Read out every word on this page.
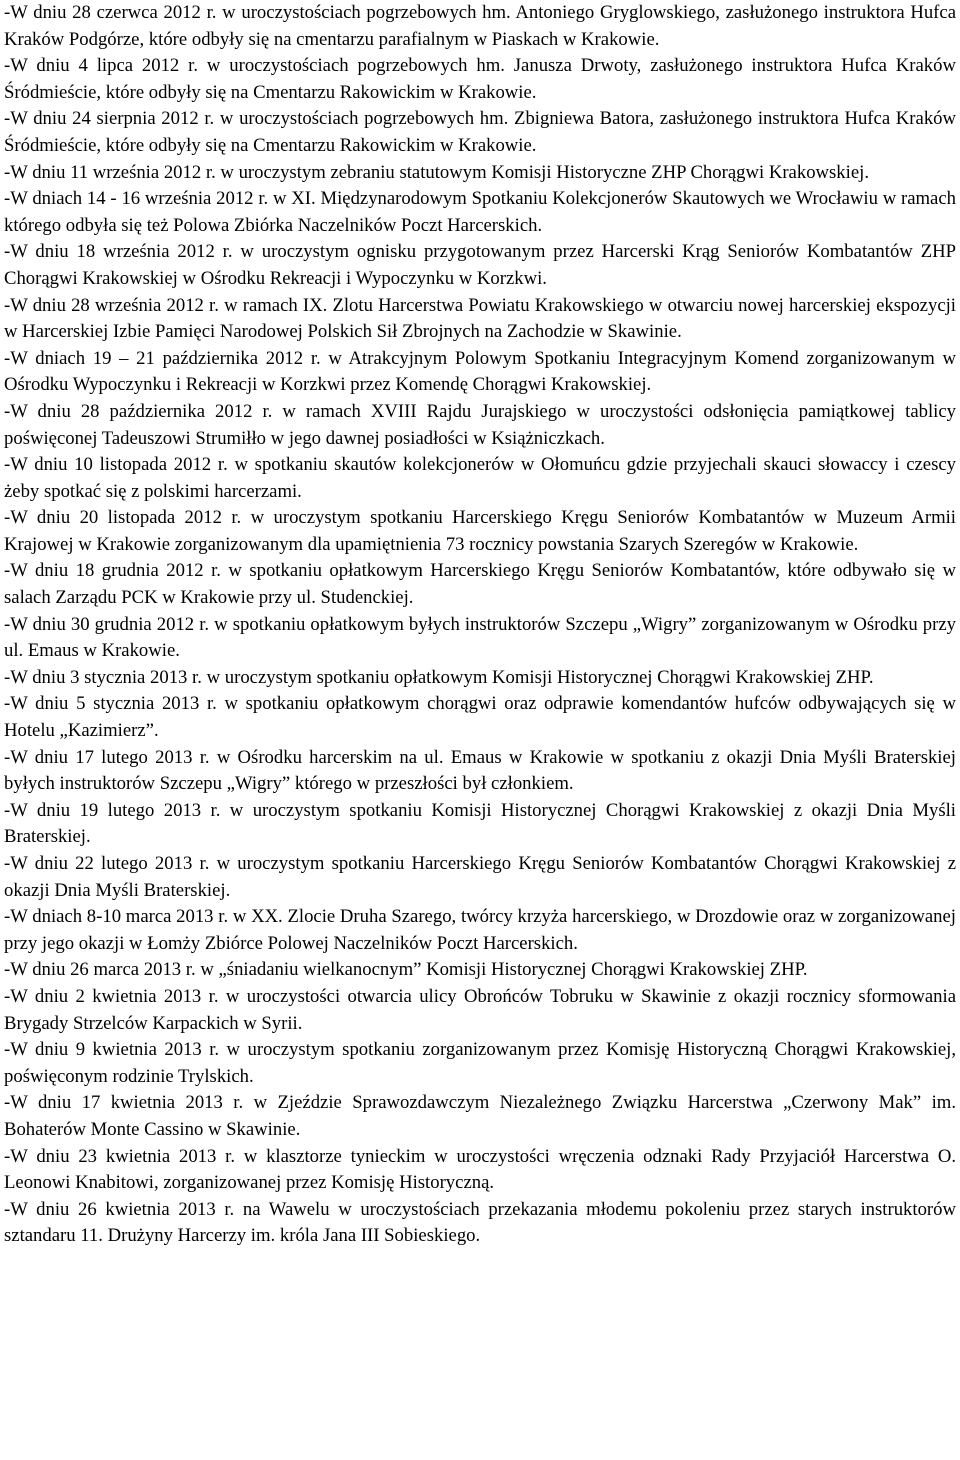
-W dniu 28 czerwca 2012 r. w uroczystościach pogrzebowych hm. Antoniego Gryglowskiego, zasłużonego instruktora Hufca Kraków Podgórze, które odbyły się na cmentarzu parafialnym w Piaskach w Krakowie.

-W dniu 4 lipca 2012 r. w uroczystościach pogrzebowych hm. Janusza Drwoty, zasłużonego instruktora Hufca Kraków Śródmieście, które odbyły się na Cmentarzu Rakowickim w Krakowie.

-W dniu 24 sierpnia 2012 r. w uroczystościach pogrzebowych hm. Zbigniewa Batora, zasłużonego instruktora Hufca Kraków Śródmieście, które odbyły się na Cmentarzu Rakowickim w Krakowie.

-W dniu 11 września 2012 r. w uroczystym zebraniu statutowym Komisji Historyczne ZHP Chorągwi Krakowskiej.

-W dniach 14 - 16 września 2012 r. w XI. Międzynarodowym Spotkaniu Kolekcjonerów Skautowych we Wrocławiu w ramach którego odbyła się też Polowa Zbiórka Naczelników Poczt Harcerskich.

-W dniu 18 września 2012 r. w uroczystym ognisku przygotowanym przez Harcerski Krąg Seniorów Kombatantów ZHP Chorągwi Krakowskiej w Ośrodku Rekreacji i Wypoczynku w Korzkwi.

-W dniu 28 września 2012 r. w ramach IX. Zlotu Harcerstwa Powiatu Krakowskiego w otwarciu nowej harcerskiej ekspozycji w Harcerskiej Izbie Pamięci Narodowej Polskich Sił Zbrojnych na Zachodzie w Skawinie.

-W dniach 19 – 21 października 2012 r. w Atrakcyjnym Polowym Spotkaniu Integracyjnym Komend zorganizowanym w Ośrodku Wypoczynku i Rekreacji w Korzkwi przez Komendę Chorągwi Krakowskiej.

-W dniu 28 października 2012 r. w ramach XVIII Rajdu Jurajskiego w uroczystości odsłonięcia pamiątkowej tablicy poświęconej Tadeuszowi Strumiłło w jego dawnej posiadłości w Książniczkach.

-W dniu 10 listopada 2012 r. w spotkaniu skautów kolekcjonerów w Ołomuńcu gdzie przyjechali skauci słowaccy i czescy żeby spotkać się z polskimi harcerzami.

-W dniu 20 listopada 2012 r. w uroczystym spotkaniu Harcerskiego Kręgu Seniorów Kombatantów w Muzeum Armii Krajowej w Krakowie zorganizowanym dla upamiętnienia 73 rocznicy powstania Szarych Szeregów w Krakowie.

-W dniu 18 grudnia 2012 r. w spotkaniu opłatkowym Harcerskiego Kręgu Seniorów Kombatantów, które odbywało się w salach Zarządu PCK w Krakowie przy ul. Studenckiej.

-W dniu 30 grudnia 2012 r. w spotkaniu opłatkowym byłych instruktorów Szczepu „Wigry” zorganizowanym w Ośrodku przy ul. Emaus w Krakowie.

-W dniu 3 stycznia 2013 r. w uroczystym spotkaniu opłatkowym Komisji Historycznej Chorągwi Krakowskiej ZHP.

-W dniu 5 stycznia 2013 r. w spotkaniu opłatkowym chorągwi oraz odprawie komendantów hufców odbywających się w Hotelu „Kazimierz”.

-W dniu 17 lutego 2013 r. w Ośrodku harcerskim na ul. Emaus w Krakowie w spotkaniu z okazji Dnia Myśli Braterskiej byłych instruktorów Szczepu „Wigry” którego w przeszłości był członkiem.

-W dniu 19 lutego 2013 r. w uroczystym spotkaniu Komisji Historycznej Chorągwi Krakowskiej z okazji Dnia Myśli Braterskiej.

-W dniu 22 lutego 2013 r. w uroczystym spotkaniu Harcerskiego Kręgu Seniorów Kombatantów Chorągwi Krakowskiej z okazji Dnia Myśli Braterskiej.

-W dniach 8-10 marca 2013 r. w XX. Zlocie Druha Szarego, twórcy krzyża harcerskiego, w Drozdowie oraz w zorganizowanej przy jego okazji w Łomży Zbiórce Polowej Naczelników Poczt Harcerskich.

-W dniu 26 marca 2013 r. w „śniadaniu wielkanocnym” Komisji Historycznej Chorągwi Krakowskiej ZHP.

-W dniu 2 kwietnia 2013 r. w uroczystości otwarcia ulicy Obrońców Tobruku w Skawinie z okazji rocznicy sformowania Brygady Strzelców Karpackich w Syrii.

-W dniu 9 kwietnia 2013 r. w uroczystym spotkaniu zorganizowanym przez Komisję Historyczną Chorągwi Krakowskiej, poświęconym rodzinie Trylskich.

-W dniu 17 kwietnia 2013 r. w Zjeździe Sprawozdawczym Niezależnego Związku Harcerstwa „Czerwony Mak” im. Bohaterów Monte Cassino w Skawinie.

-W dniu 23 kwietnia 2013 r. w klasztorze tynieckim w uroczystości wręczenia odznaki Rady Przyjaciół Harcerstwa O. Leonowi Knabitowi, zorganizowanej przez Komisję Historyczną.

-W dniu 26 kwietnia 2013 r. na Wawelu w uroczystościach przekazania młodemu pokoleniu przez starych instruktorów sztandaru 11. Drużyny Harcerzy im. króla Jana III Sobieskiego.
